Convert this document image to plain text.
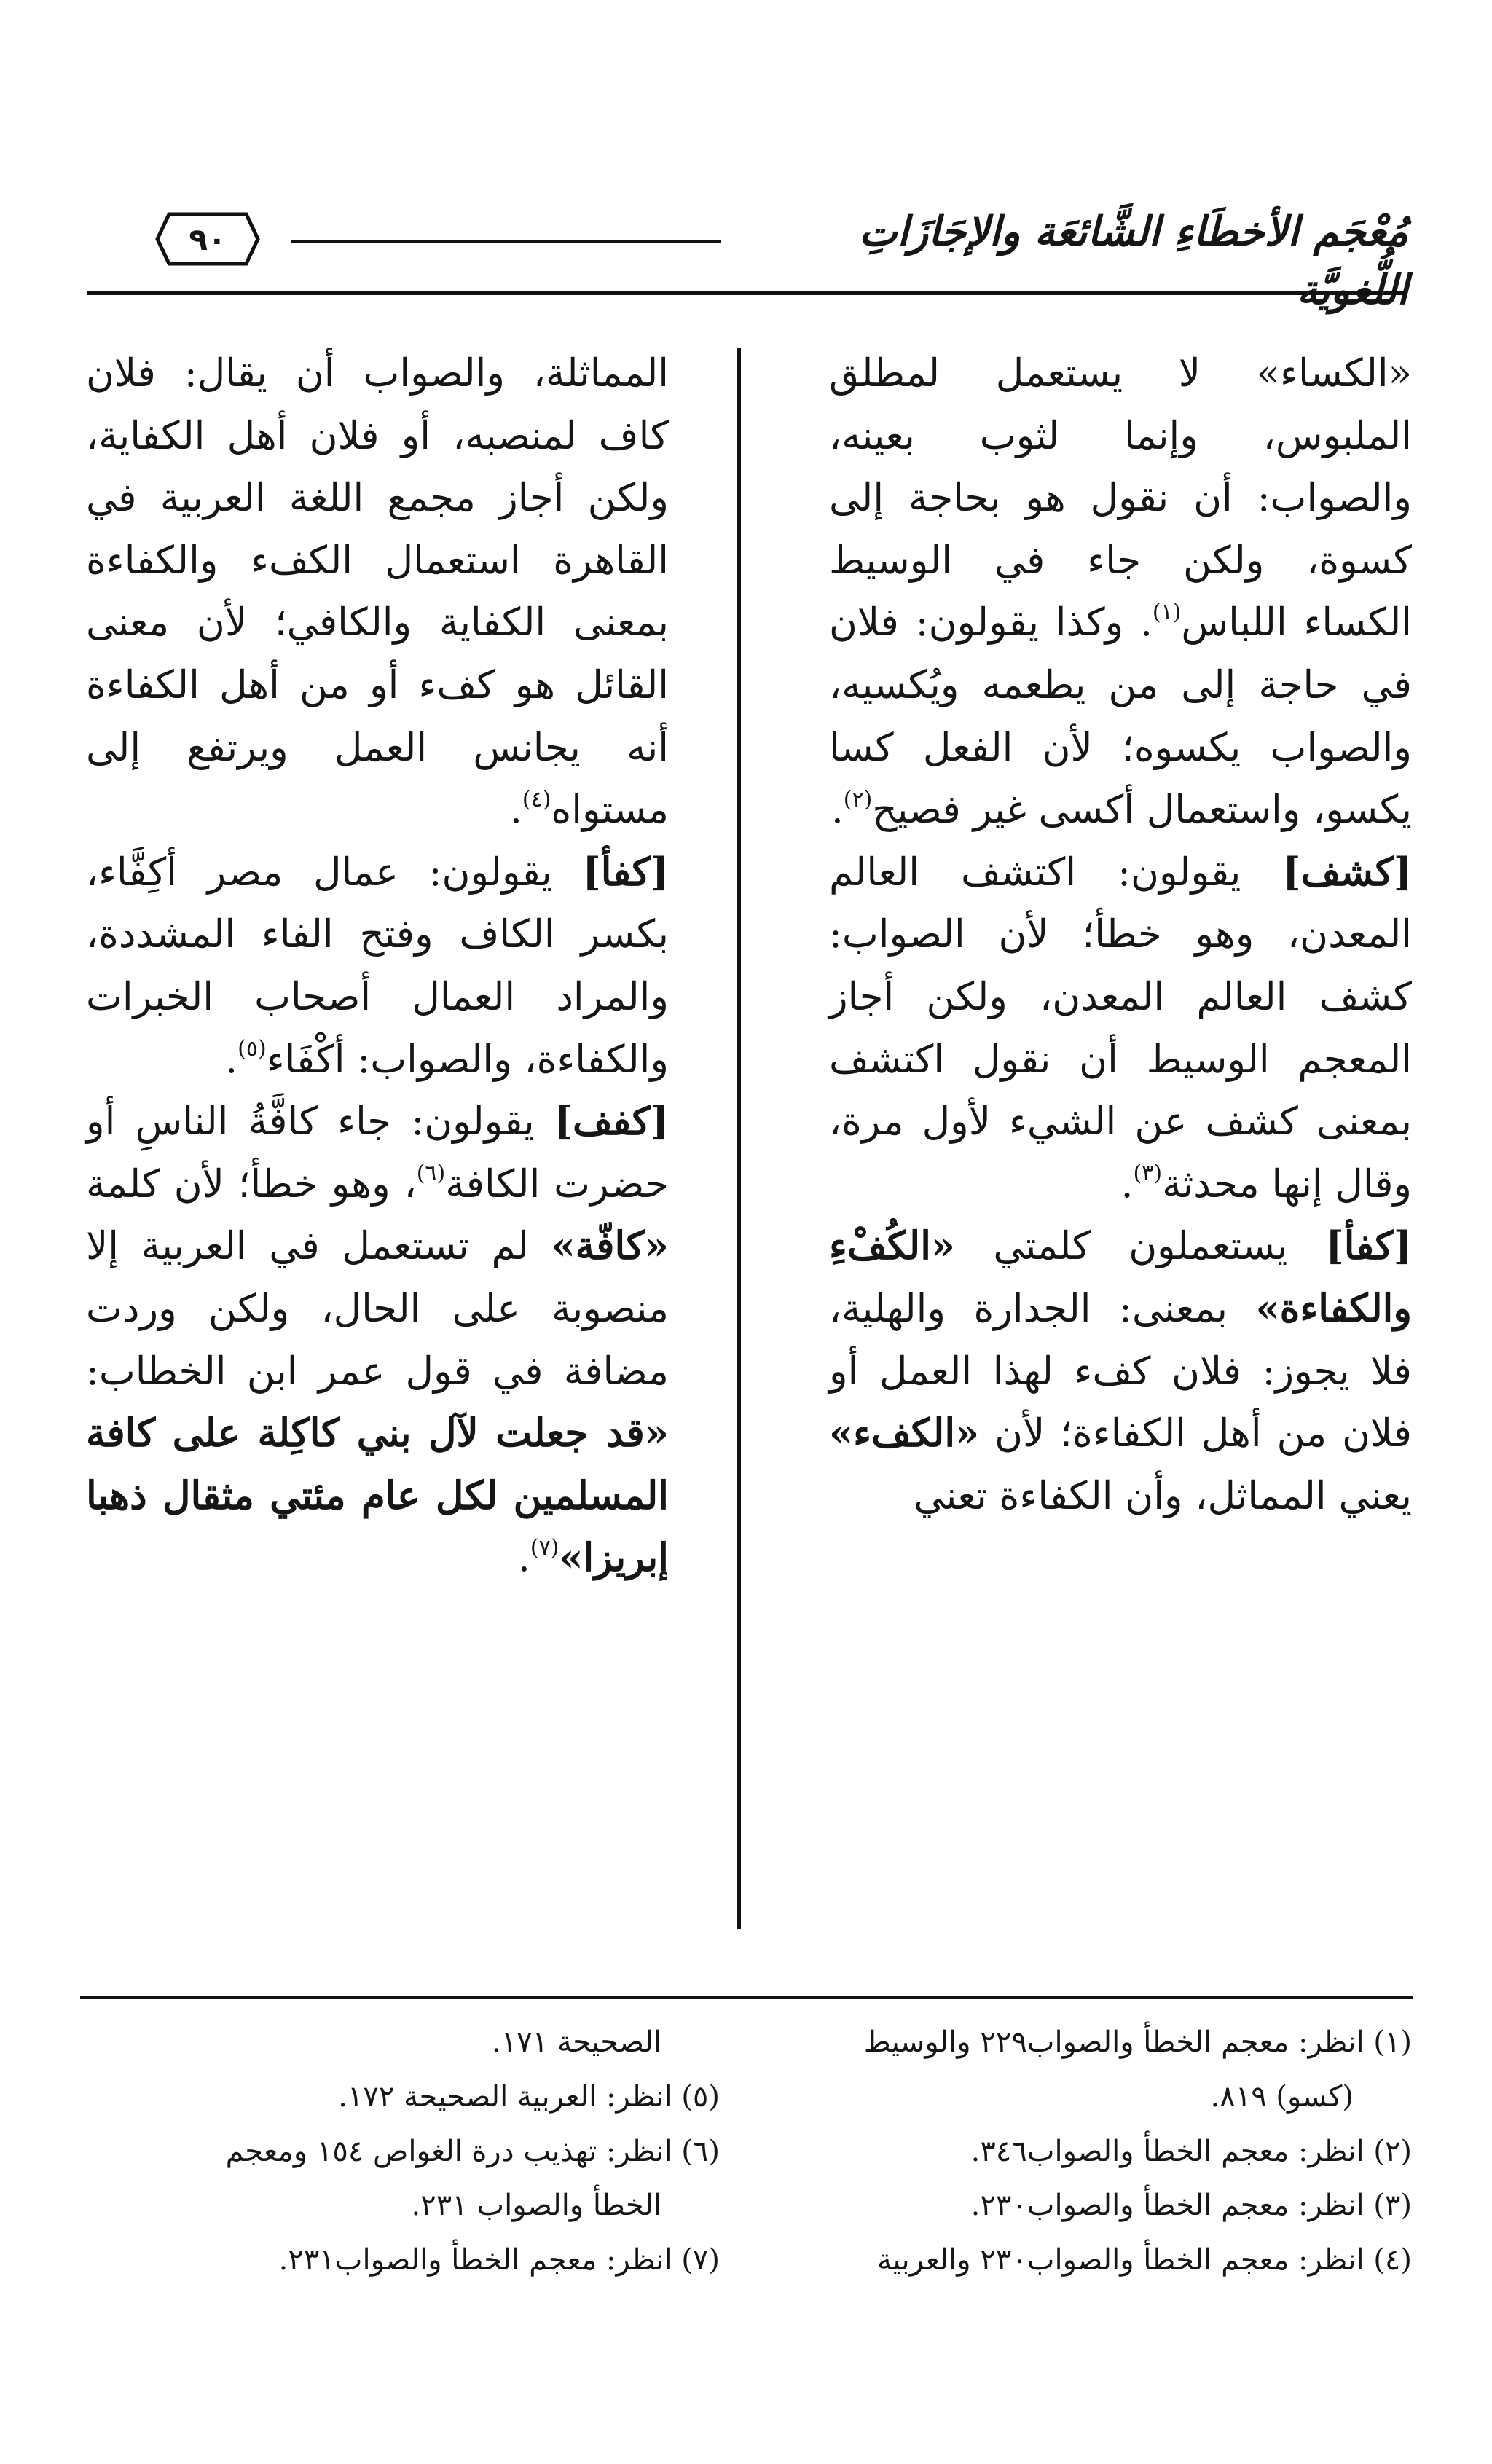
٩٠	مُعْجَم الأخطَاءِ الشَّائعَة والإجَازَاتِ اللُّغويَّة

«الكساء» لا يستعمل لمطلق الملبوس، وإنما لثوب بعينه، والصواب: أن نقول هو بحاجة إلى كسوة، ولكن جاء في الوسيط الكساء اللباس$^{(١)}$. وكذا يقولون: فلان في حاجة إلى من يطعمه ويُكسيه، والصواب يكسوه؛ لأن الفعل كسا يكسو، واستعمال أكسى غير فصيح$^{(٢)}$.

[كشف] يقولون: اكتشف العالم المعدن، وهو خطأ؛ لأن الصواب: كشف العالم المعدن، ولكن أجاز المعجم الوسيط أن نقول اكتشف بمعنى كشف عن الشيء لأول مرة، وقال إنها محدثة$^{(٣)}$.

[كفأ] يستعملون كلمتي «الكُفْءِ والكفاءة» بمعنى: الجدارة والهلية، فلا يجوز: فلان كفء لهذا العمل أو فلان من أهل الكفاءة؛ لأن «الكفء» يعني المماثل، وأن الكفاءة تعني

المماثلة، والصواب أن يقال: فلان كاف لمنصبه، أو فلان أهل الكفاية، ولكن أجاز مجمع اللغة العربية في القاهرة استعمال الكفء والكفاءة بمعنى الكفاية والكافي؛ لأن معنى القائل هو كفء أو من أهل الكفاءة أنه يجانس العمل ويرتفع إلى مستواه$^{(٤)}$.

[كفأ] يقولون: عمال مصر أكِفَّاء، بكسر الكاف وفتح الفاء المشددة، والمراد العمال أصحاب الخبرات والكفاءة، والصواب: أكْفَاء$^{(٥)}$.

[كفف] يقولون: جاء كافَّةُ الناسِ أو حضرت الكافة$^{(٦)}$، وهو خطأ؛ لأن كلمة «كافّة» لم تستعمل في العربية إلا منصوبة على الحال، ولكن وردت مضافة في قول عمر ابن الخطاب: «قد جعلت لآل بني كاكِلة على كافة المسلمين لكل عام مئتي مثقال ذهبا إبريزا»$^{(٧)}$.

(١) انظر: معجم الخطأ والصواب٢٢٩ والوسيط

(كسو) ٨١٩.

(٢) انظر: معجم الخطأ والصواب٣٤٦.

(٣) انظر: معجم الخطأ والصواب٢٣٠.

(٤) انظر: معجم الخطأ والصواب٢٣٠ والعربية

الصحيحة ١٧١.

(٥) انظر: العربية الصحيحة ١٧٢.

(٦) انظر: تهذيب درة الغواص ١٥٤ ومعجم

الخطأ والصواب ٢٣١.

(٧) انظر: معجم الخطأ والصواب٢٣١.
